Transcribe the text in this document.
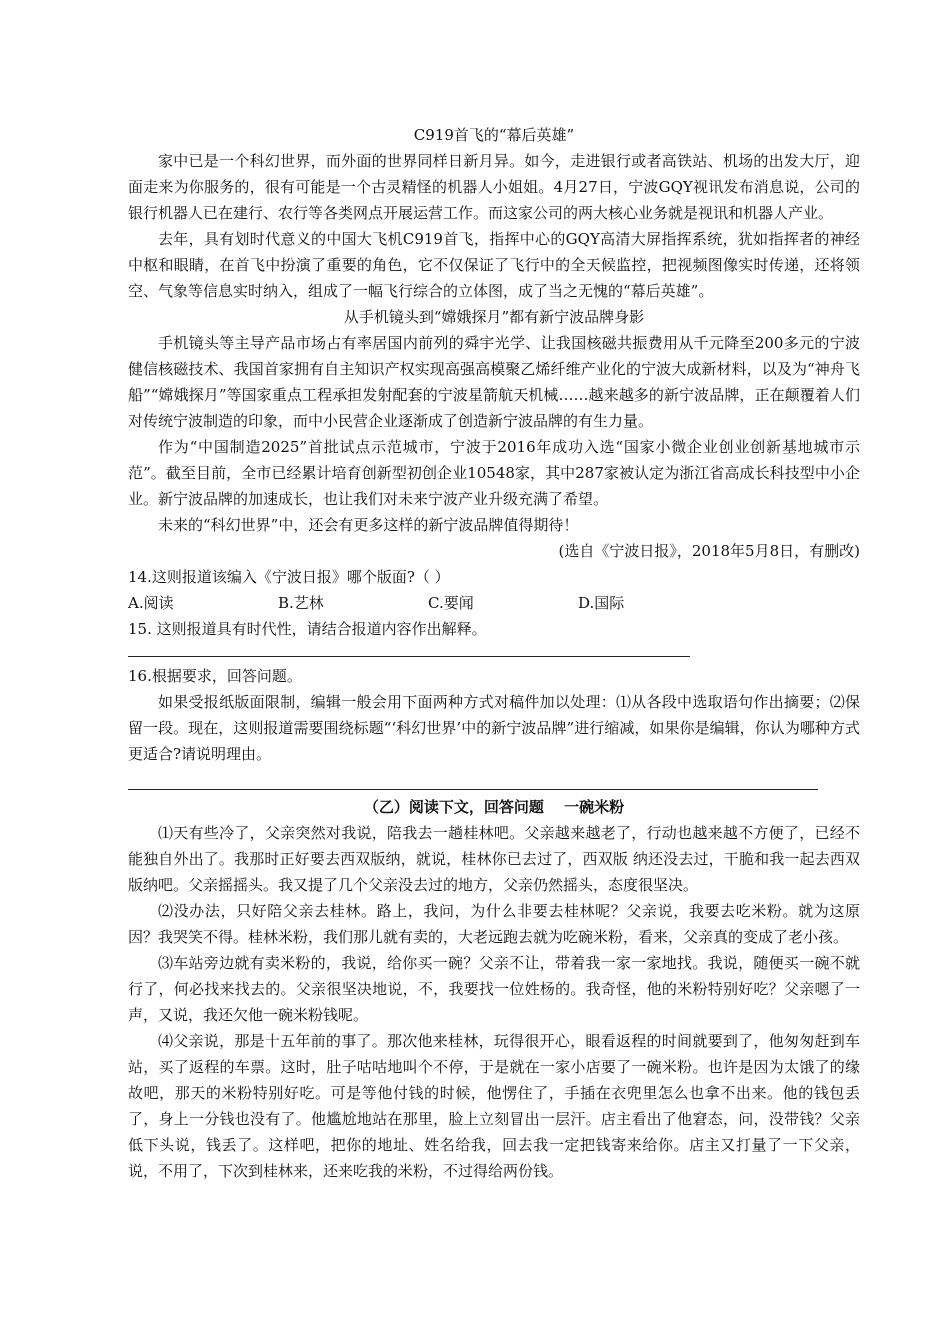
C919首飞的“幕后英雄”

家中已是一个科幻世界，而外面的世界同样日新月异。如今，走进银行或者高铁站、机场的出发大厅，迎面走来为你服务的，很有可能是一个古灵精怪的机器人小姐姐。4月27日，宁波GQY视讯发布消息说，公司的银行机器人已在建行、农行等各类网点开展运营工作。而这家公司的两大核心业务就是视讯和机器人产业。

去年，具有划时代意义的中国大飞机C919首飞，指挥中心的GQY高清大屏指挥系统，犹如指挥者的神经中枢和眼睛，在首飞中扮演了重要的角色，它不仅保证了飞行中的全天候监控，把视频图像实时传递，还将领空、气象等信息实时纳入，组成了一幅飞行综合的立体图，成了当之无愧的“幕后英雄”。

从手机镜头到“嫦娥探月”都有新宁波品牌身影

手机镜头等主导产品市场占有率居国内前列的舜宇光学、让我国核磁共振费用从千元降至200多元的宁波健信核磁技术、我国首家拥有自主知识产权实现高强高模聚乙烯纤维产业化的宁波大成新材料，以及为“神舟飞船”“嫦娥探月”等国家重点工程承担发射配套的宁波星箭航天机械……越来越多的新宁波品牌，正在颠覆着人们对传统宁波制造的印象，而中小民营企业逐渐成了创造新宁波品牌的有生力量。

作为“中国制造2025”首批试点示范城市，宁波于2016年成功入选“国家小微企业创业创新基地城市示范”。截至目前，全市已经累计培育创新型初创企业10548家，其中287家被认定为浙江省高成长科技型中小企业。新宁波品牌的加速成长，也让我们对未来宁波产业升级充满了希望。

未来的“科幻世界”中，还会有更多这样的新宁波品牌值得期待！

(选自《宁波日报》，2018年5月8日，有删改)

14.这则报道该编入《宁波日报》哪个版面?（ ）

A.阅读	B.艺林	C.要闻	D.国际

15. 这则报道具有时代性，请结合报道内容作出解释。

16.根据要求，回答问题。

如果受报纸版面限制，编辑一般会用下面两种方式对稿件加以处理：⑴从各段中选取语句作出摘要；⑵保留一段。现在，这则报道需要围绕标题“‘科幻世界’中的新宁波品牌”进行缩减，如果你是编辑，你认为哪种方式更适合?请说明理由。

（乙）阅读下文，回答问题　 一碗米粉

⑴天有些冷了，父亲突然对我说，陪我去一趟桂林吧。父亲越来越老了，行动也越来越不方便了，已经不能独自外出了。我那时正好要去西双版纳，就说，桂林你已去过了，西双版 纳还没去过，干脆和我一起去西双版纳吧。父亲摇摇头。我又提了几个父亲没去过的地方，父亲仍然摇头，态度很坚决。

⑵没办法，只好陪父亲去桂林。路上，我问，为什么非要去桂林呢？父亲说，我要去吃米粉。就为这原因？我哭笑不得。桂林米粉，我们那儿就有卖的，大老远跑去就为吃碗米粉，看来，父亲真的变成了老小孩。

⑶车站旁边就有卖米粉的，我说，给你买一碗？父亲不让，带着我一家一家地找。我说，随便买一碗不就行了，何必找来找去的。父亲很坚决地说，不，我要找一位姓杨的。我奇怪，他的米粉特别好吃？父亲嗯了一声，又说，我还欠他一碗米粉钱呢。

⑷父亲说，那是十五年前的事了。那次他来桂林，玩得很开心，眼看返程的时间就要到了，他匆匆赶到车站，买了返程的车票。这时，肚子咕咕地叫个不停，于是就在一家小店要了一碗米粉。也许是因为太饿了的缘故吧，那天的米粉特别好吃。可是等他付钱的时候，他愣住了，手插在衣兜里怎么也拿不出来。他的钱包丢了，身上一分钱也没有了。他尴尬地站在那里，脸上立刻冒出一层汗。店主看出了他窘态，问，没带钱？父亲低下头说，钱丢了。这样吧，把你的地址、姓名给我，回去我一定把钱寄来给你。店主又打量了一下父亲，说，不用了，下次到桂林来，还来吃我的米粉，不过得给两份钱。
